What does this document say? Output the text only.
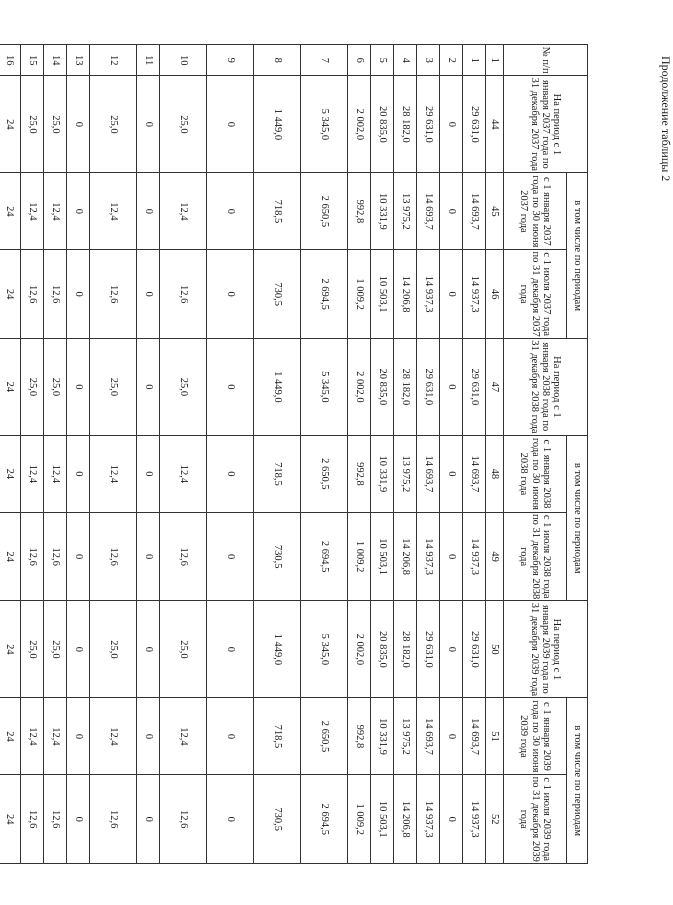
Продолжение таблицы 2
№ п/п	На период с 1 января 2037 года по 31 декабря 2037 года	в том числе по периодам		На период с 1 января 2038 года по 31 декабря 2038 года	в том числе по периодам		На период с 1 января 2039 года по 31 декабря 2039 года	в том числе по периодам	
		с 1 января 2037 года по 30 июня 2037 года	с 1 июля 2037 года по 31 декабря 2037 года		с 1 января 2038 года по 30 июня 2038 года	с 1 июля 2038 года по 31 декабря 2038 года		с 1 января 2039 года по 30 июня 2039 года	с 1 июля 2039 года по 31 декабря 2039 года
1	44	45	46	47	48	49	50	51	52
1	29 631,0	14 693,7	14 937,3	29 631,0	14 693,7	14 937,3	29 631,0	14 693,7	14 937,3
2	0	0	0	0	0	0	0	0	0
3	29 631,0	14 693,7	14 937,3	29 631,0	14 693,7	14 937,3	29 631,0	14 693,7	14 937,3
4	28 182,0	13 975,2	14 206,8	28 182,0	13 975,2	14 206,8	28 182,0	13 975,2	14 206,8
5	20 835,0	10 331,9	10 503,1	20 835,0	10 331,9	10 503,1	20 835,0	10 331,9	10 503,1
6	2 002,0	992,8	1 009,2	2 002,0	992,8	1 009,2	2 002,0	992,8	1 009,2
7	5 345,0	2 650,5	2 694,5	5 345,0	2 650,5	2 694,5	5 345,0	2 650,5	2 694,5
8	1 449,0	718,5	730,5	1 449,0	718,5	730,5	1 449,0	718,5	730,5
9	0	0	0	0	0	0	0	0	0
10	25,0	12,4	12,6	25,0	12,4	12,6	25,0	12,4	12,6
11	0	0	0	0	0	0	0	0	0
12	25,0	12,4	12,6	25,0	12,4	12,6	25,0	12,4	12,6
13	0	0	0	0	0	0	0	0	0
14	25,0	12,4	12,6	25,0	12,4	12,6	25,0	12,4	12,6
15	25,0	12,4	12,6	25,0	12,4	12,6	25,0	12,4	12,6
16	24	24	24	24	24	24	24	24	24
